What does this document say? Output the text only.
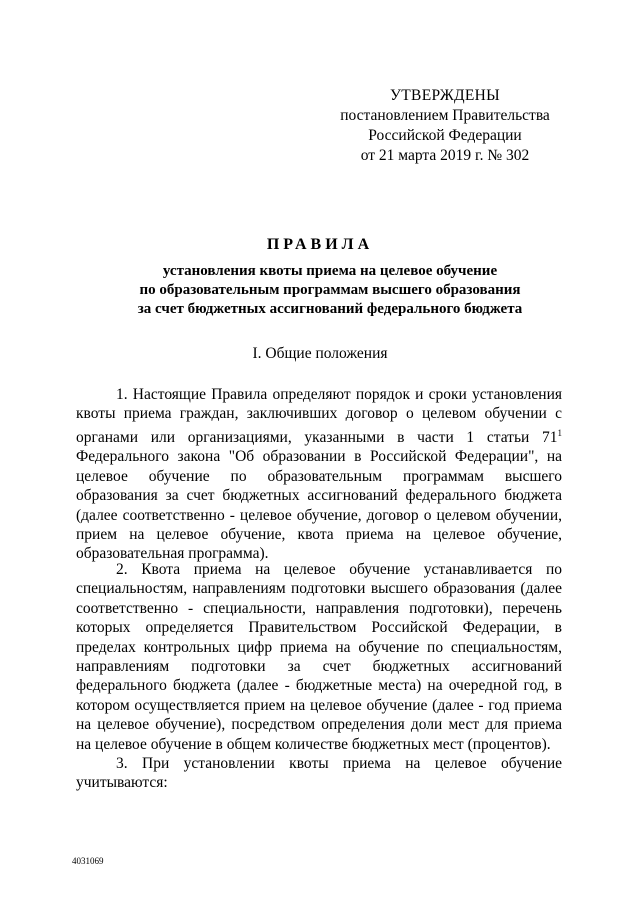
УТВЕРЖДЕНЫ
постановлением Правительства
Российской Федерации
от 21 марта 2019 г. № 302
ПРАВИЛА
установления квоты приема на целевое обучение
по образовательным программам высшего образования
за счет бюджетных ассигнований федерального бюджета
I. Общие положения

1. Настоящие Правила определяют порядок и сроки установления квоты приема граждан, заключивших договор о целевом обучении с органами или организациями, указанными в части 1 статьи $71^1$ Федерального закона "Об образовании в Российской Федерации", на целевое обучение по образовательным программам высшего образования за счет бюджетных ассигнований федерального бюджета (далее соответственно - целевое обучение, договор о целевом обучении, прием на целевое обучение, квота приема на целевое обучение, образовательная программа).

2. Квота приема на целевое обучение устанавливается по специальностям, направлениям подготовки высшего образования (далее соответственно - специальности, направления подготовки), перечень которых определяется Правительством Российской Федерации, в пределах контрольных цифр приема на обучение по специальностям, направлениям подготовки за счет бюджетных ассигнований федерального бюджета (далее - бюджетные места) на очередной год, в котором осуществляется прием на целевое обучение (далее - год приема на целевое обучение), посредством определения доли мест для приема на целевое обучение в общем количестве бюджетных мест (процентов).

3. При установлении квоты приема на целевое обучение учитываются:

4031069
